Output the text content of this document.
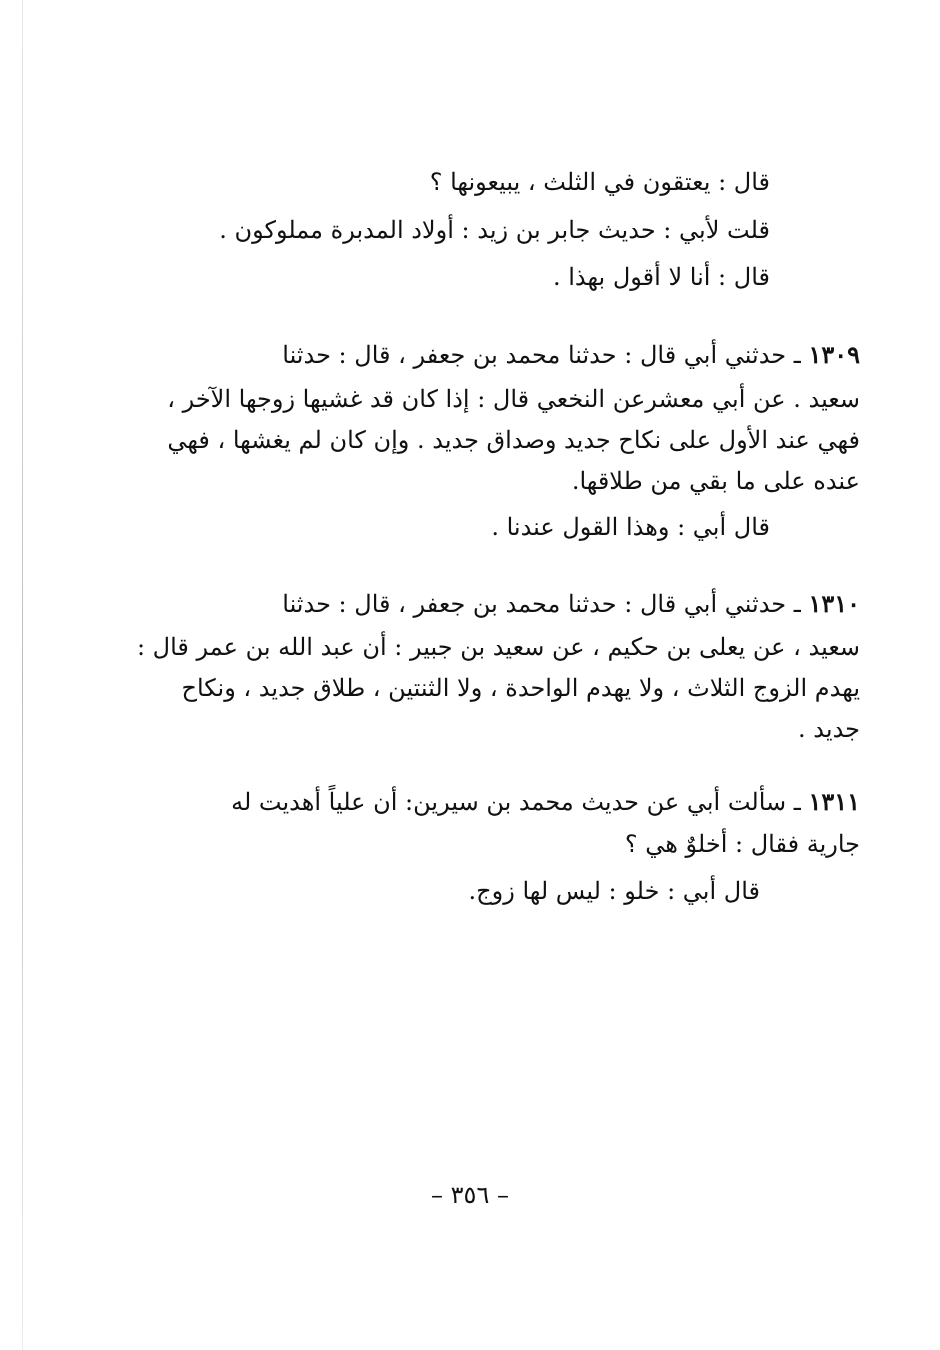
قال : يعتقون في الثلث ، يبيعونها ؟
قلت لأبي : حديث جابر بن زيد : أولاد المدبرة مملوكون .
قال : أنا لا أقول بهذا .
١٣٠٩ ـ حدثني أبي قال : حدثنا محمد بن جعفر ، قال : حدثنا
سعيد . عن أبي معشرعن النخعي قال : إذا كان قد غشيها زوجها الآخر ،
فهي عند الأول على نكاح جديد وصداق جديد . وإن كان لم يغشها ، فهي
عنده على ما بقي من طلاقها.
قال أبي : وهذا القول عندنا .
١٣١٠ ـ حدثني أبي قال : حدثنا محمد بن جعفر ، قال : حدثنا
سعيد ، عن يعلى بن حكيم ، عن سعيد بن جبير : أن عبد الله بن عمر قال :
يهدم الزوج الثلاث ، ولا يهدم الواحدة ، ولا الثنتين ، طلاق جديد ، ونكاح
جديد .
١٣١١ ـ سألت أبي عن حديث محمد بن سيرين: أن علياً أهديت له
جارية فقال : أخلوٌ هي ؟
قال أبي : خلو : ليس لها زوج.
– ٣٥٦ –
